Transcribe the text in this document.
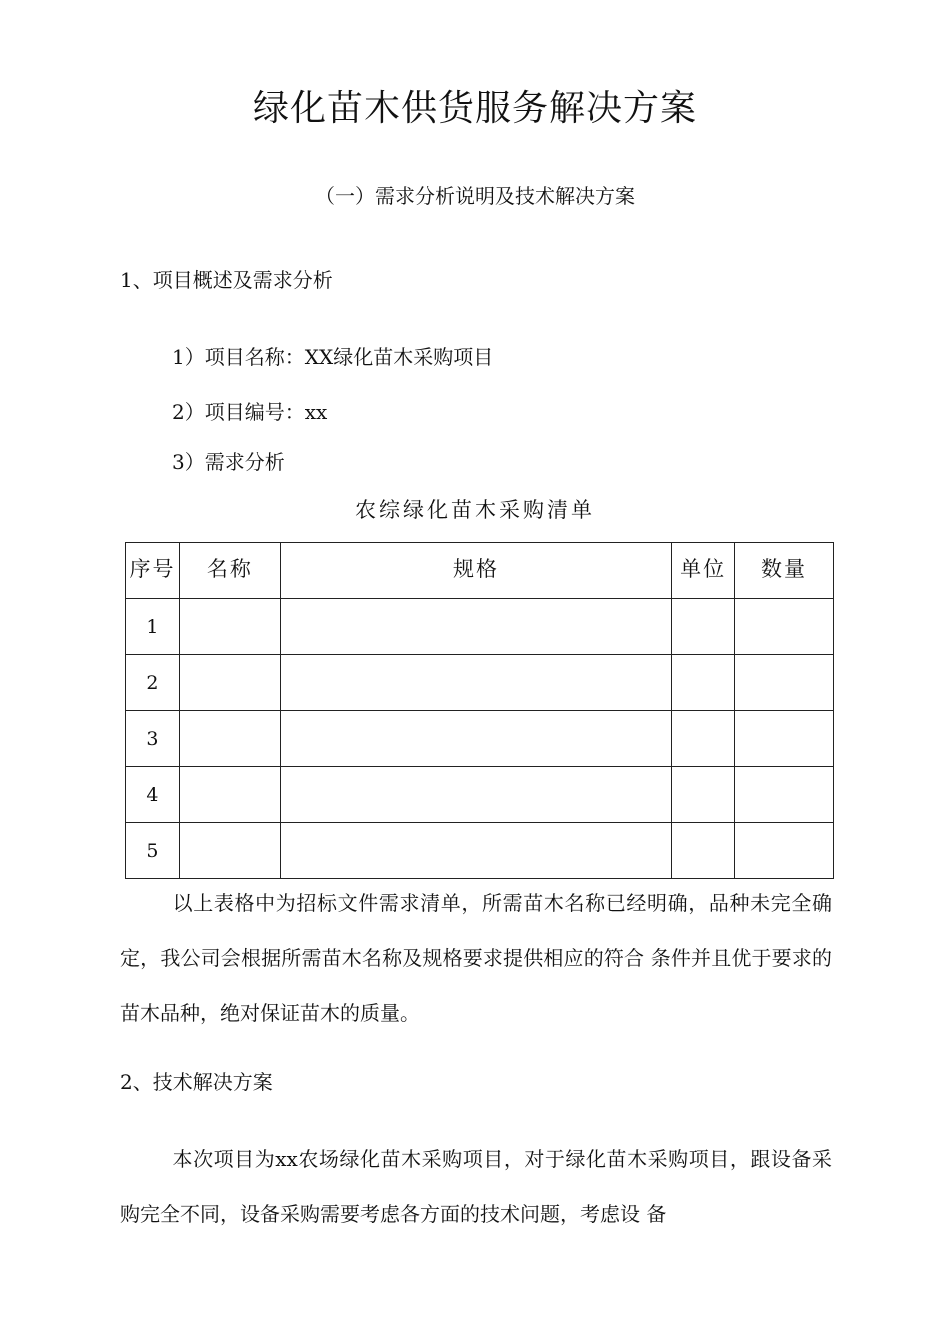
绿化苗木供货服务解决方案
（一）需求分析说明及技术解决方案
1、项目概述及需求分析
1）项目名称：XX绿化苗木采购项目
2）项目编号：xx
3）需求分析
农综绿化苗木采购清单
序号	名称	规格	单位	数量
1				
2				
3				
4				
5				
以上表格中为招标文件需求清单，所需苗木名称已经明确，品种未完全确定，我公司会根据所需苗木名称及规格要求提供相应的符合 条件并且优于要求的苗木品种，绝对保证苗木的质量。
2、技术解决方案
本次项目为xx农场绿化苗木采购项目，对于绿化苗木采购项目，跟设备采购完全不同，设备采购需要考虑各方面的技术问题，考虑设 备
